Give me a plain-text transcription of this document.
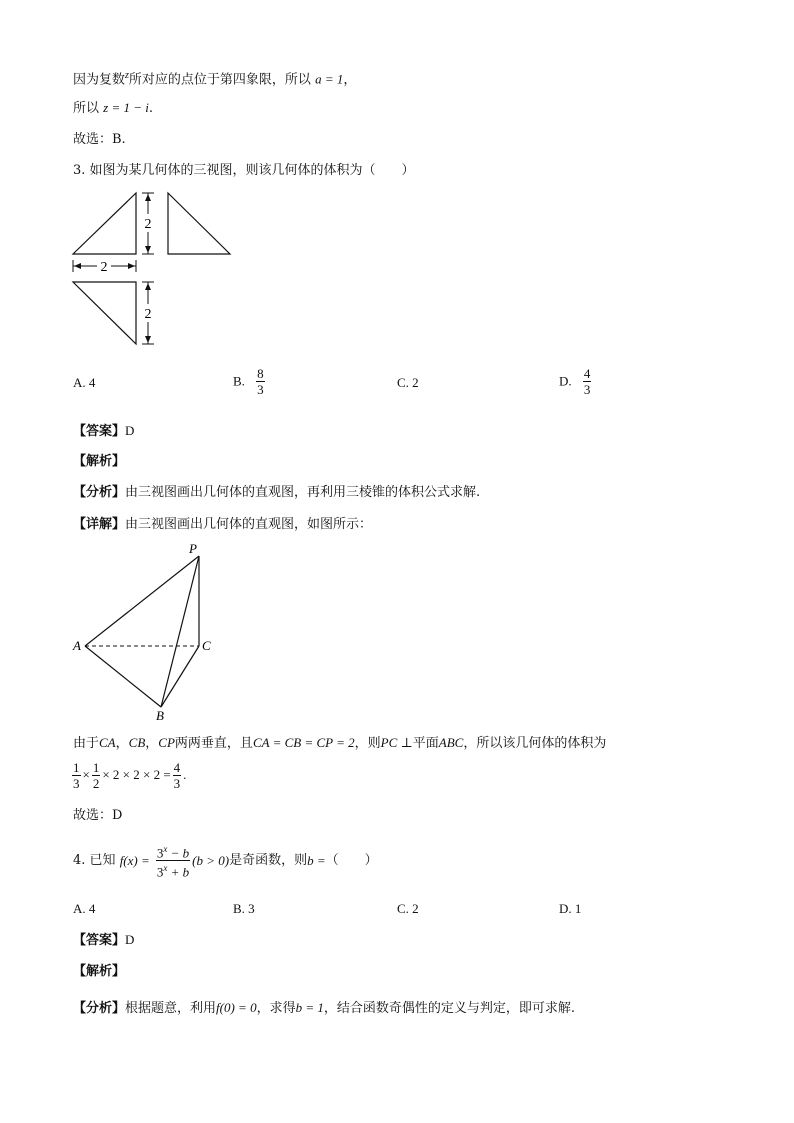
因为复数$^z$所对应的点位于第四象限，所以 a = 1，
所以 z = 1 − i.
故选：B.
3. 如图为某几何体的三视图，则该几何体的体积为（　　）
2
2
2
A. 4	B. $\frac{8}{3}$	C. 2	D. $\frac{4}{3}$
【答案】D
【解析】
【分析】由三视图画出几何体的直观图，再利用三棱锥的体积公式求解.
【详解】由三视图画出几何体的直观图，如图所示：
P
A	C
B
由于CA，CB，CP两两垂直，且CA = CB = CP = 2，则PC ⊥平面ABC，所以该几何体的体积为
$\frac{1}{3} \times \frac{1}{2} \times 2 \times 2 \times 2 = \frac{4}{3}$ .
故选：D
4. 已知 $f(x) = \frac{3^x - b}{3^x + b} (b > 0)$是奇函数，则b =（　　）
A. 4	B. 3	C. 2	D. 1
【答案】D
【解析】
【分析】根据题意，利用f(0) = 0，求得b = 1，结合函数奇偶性的定义与判定，即可求解.
